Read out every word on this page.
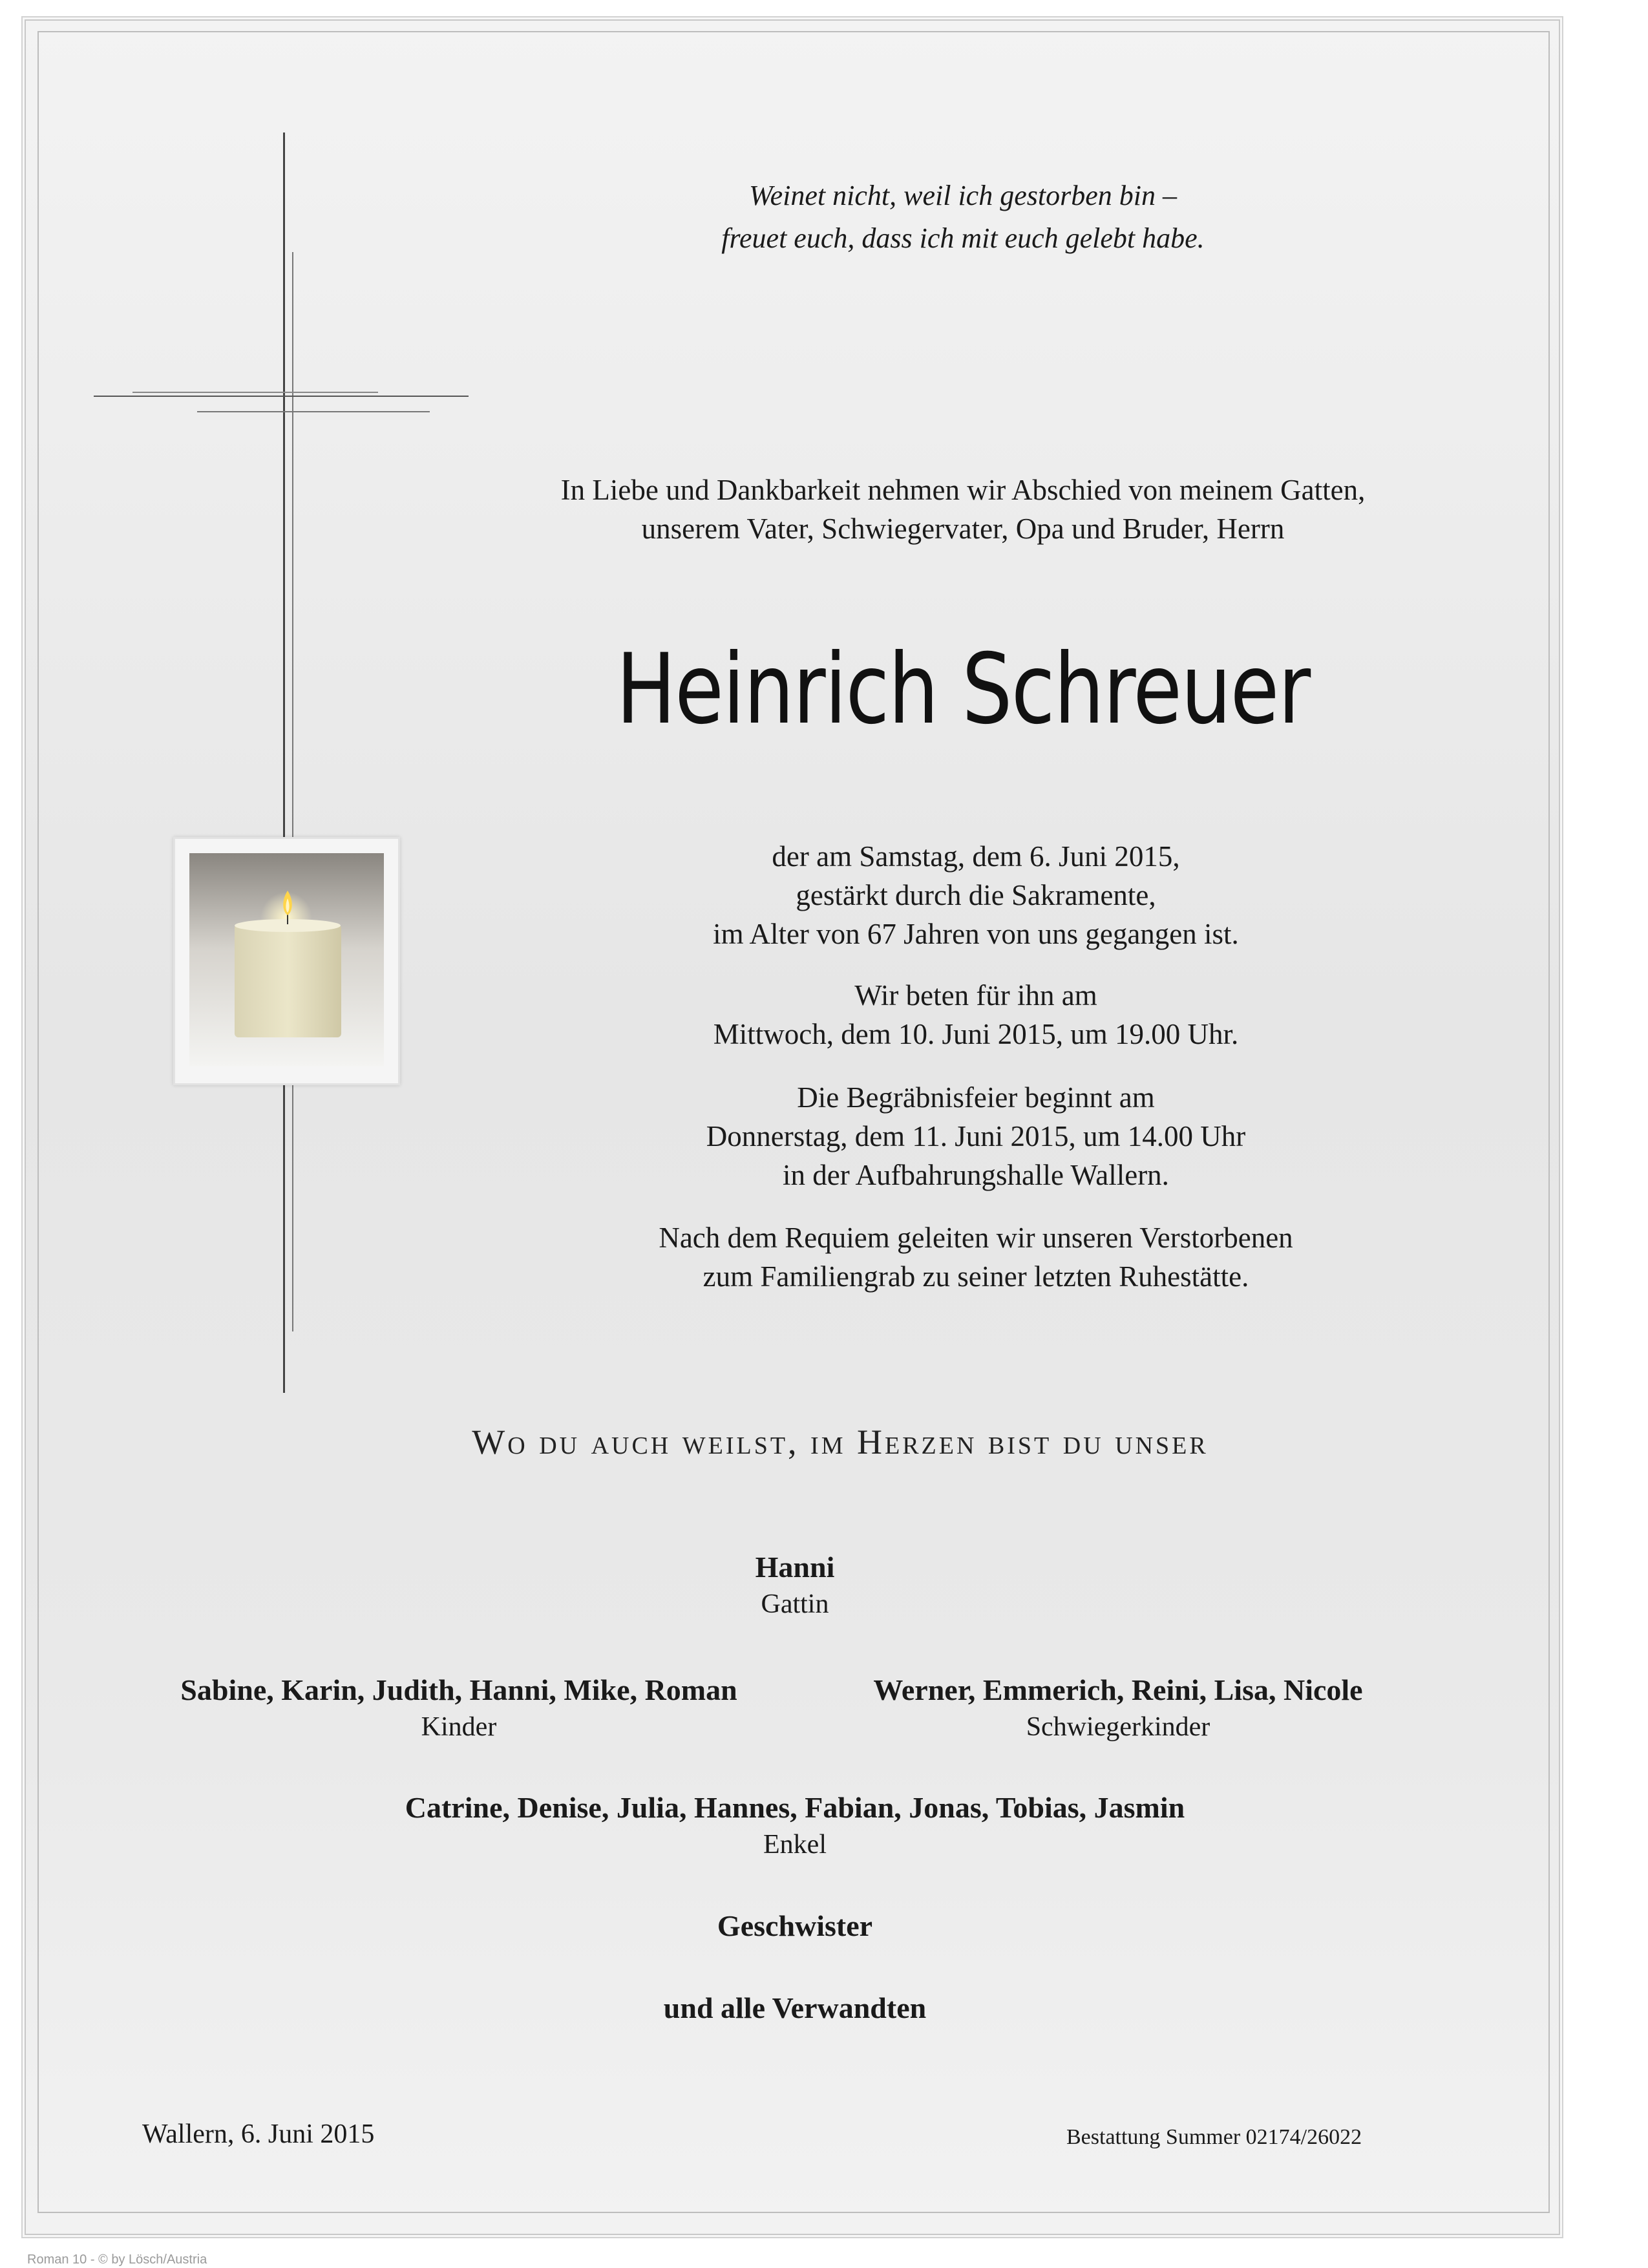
Weinet nicht, weil ich gestorben bin –
freuet euch, dass ich mit euch gelebt habe.
In Liebe und Dankbarkeit nehmen wir Abschied von meinem Gatten,
unserem Vater, Schwiegervater, Opa und Bruder, Herrn
Heinrich Schreuer
der am Samstag, dem 6. Juni 2015,
gestärkt durch die Sakramente,
im Alter von 67 Jahren von uns gegangen ist.
Wir beten für ihn am
Mittwoch, dem 10. Juni 2015, um 19.00 Uhr.
Die Begräbnisfeier beginnt am
Donnerstag, dem 11. Juni 2015, um 14.00 Uhr
in der Aufbahrungshalle Wallern.
Nach dem Requiem geleiten wir unseren Verstorbenen
zum Familiengrab zu seiner letzten Ruhestätte.
Wo du auch weilst, im Herzen bist du unser
Hanni
Gattin
Sabine, Karin, Judith, Hanni, Mike, Roman
Kinder
Werner, Emmerich, Reini, Lisa, Nicole
Schwiegerkinder
Catrine, Denise, Julia, Hannes, Fabian, Jonas, Tobias, Jasmin
Enkel
Geschwister
und alle Verwandten
Wallern, 6. Juni 2015	Bestattung Summer 02174/26022
Roman 10 - © by Lösch/Austria
